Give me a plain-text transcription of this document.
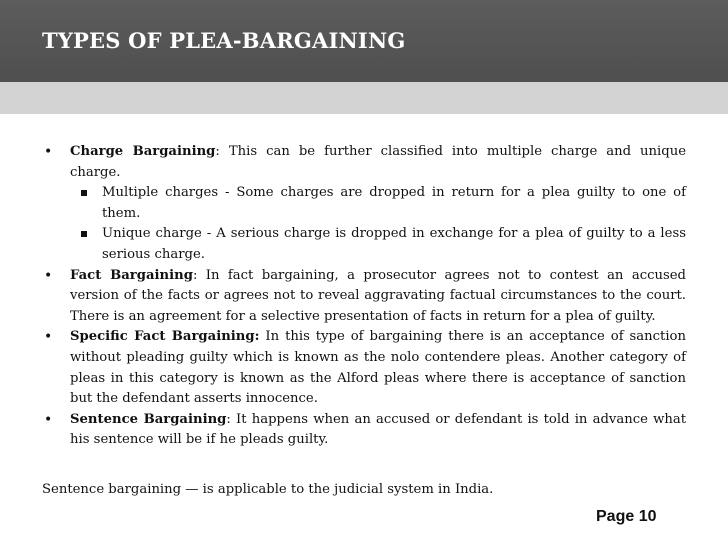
TYPES OF PLEA-BARGAINING
• Charge Bargaining: This can be further classified into multiple charge and unique charge.
Multiple charges - Some charges are dropped in return for a plea guilty to one of them.
Unique charge - A serious charge is dropped in exchange for a plea of guilty to a less serious charge.
• Fact Bargaining: In fact bargaining, a prosecutor agrees not to contest an accused version of the facts or agrees not to reveal aggravating factual circumstances to the court. There is an agreement for a selective presentation of facts in return for a plea of guilty.
• Specific Fact Bargaining: In this type of bargaining there is an acceptance of sanction without pleading guilty which is known as the nolo contendere pleas. Another category of pleas in this category is known as the Alford pleas where there is acceptance of sanction but the defendant asserts innocence.
• Sentence Bargaining: It happens when an accused or defendant is told in advance what his sentence will be if he pleads guilty.
Sentence bargaining — is applicable to the judicial system in India.
Page 10
